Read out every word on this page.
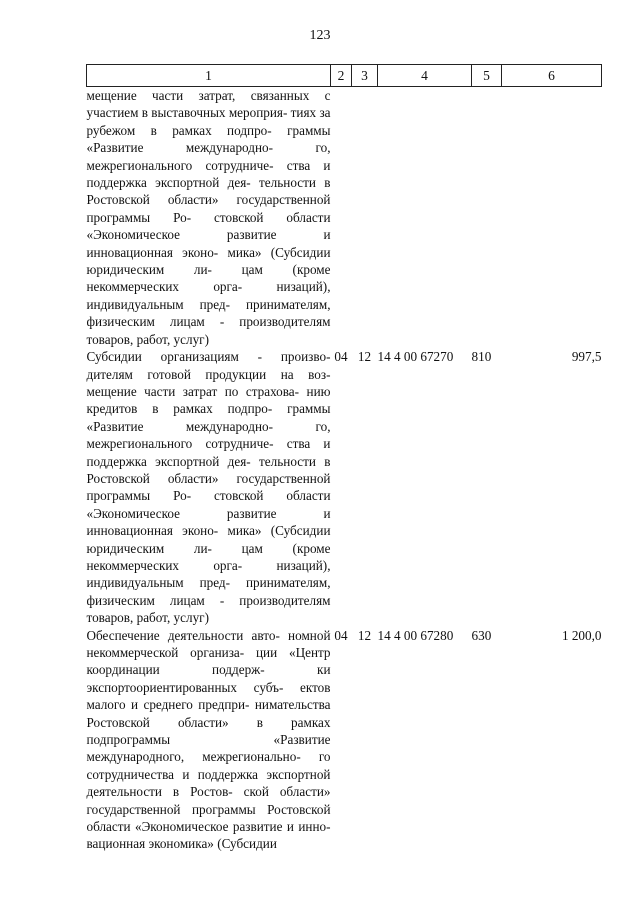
123
1	2	3	4	5	6
мещение части затрат, связанных с участием в выставочных мероприя- тиях за рубежом в рамках подпро- граммы «Развитие международно- го, межрегионального сотрудниче- ства и поддержка экспортной дея- тельности в Ростовской области» государственной программы Ро- стовской области «Экономическое развитие и инновационная эконо- мика» (Субсидии юридическим ли- цам (кроме некоммерческих орга- низаций), индивидуальным пред- принимателям, физическим лицам - производителям товаров, работ, услуг)					
Субсидии организациям - произво- дителям готовой продукции на воз- мещение части затрат по страхова- нию кредитов в рамках подпро- граммы «Развитие международно- го, межрегионального сотрудниче- ства и поддержка экспортной дея- тельности в Ростовской области» государственной программы Ро- стовской области «Экономическое развитие и инновационная эконо- мика» (Субсидии юридическим ли- цам (кроме некоммерческих орга- низаций), индивидуальным пред- принимателям, физическим лицам - производителям товаров, работ, услуг)	04	12	14 4 00 67270	810	997,5
Обеспечение деятельности авто- номной некоммерческой организа- ции «Центр координации поддерж- ки экспортоориентированных субъ- ектов малого и среднего предпри- нимательства Ростовской области» в рамках подпрограммы «Развитие международного, межрегионально- го сотрудничества и поддержка экспортной деятельности в Ростов- ской области» государственной программы Ростовской области «Экономическое развитие и инно- вационная экономика» (Субсидии	04	12	14 4 00 67280	630	1 200,0
